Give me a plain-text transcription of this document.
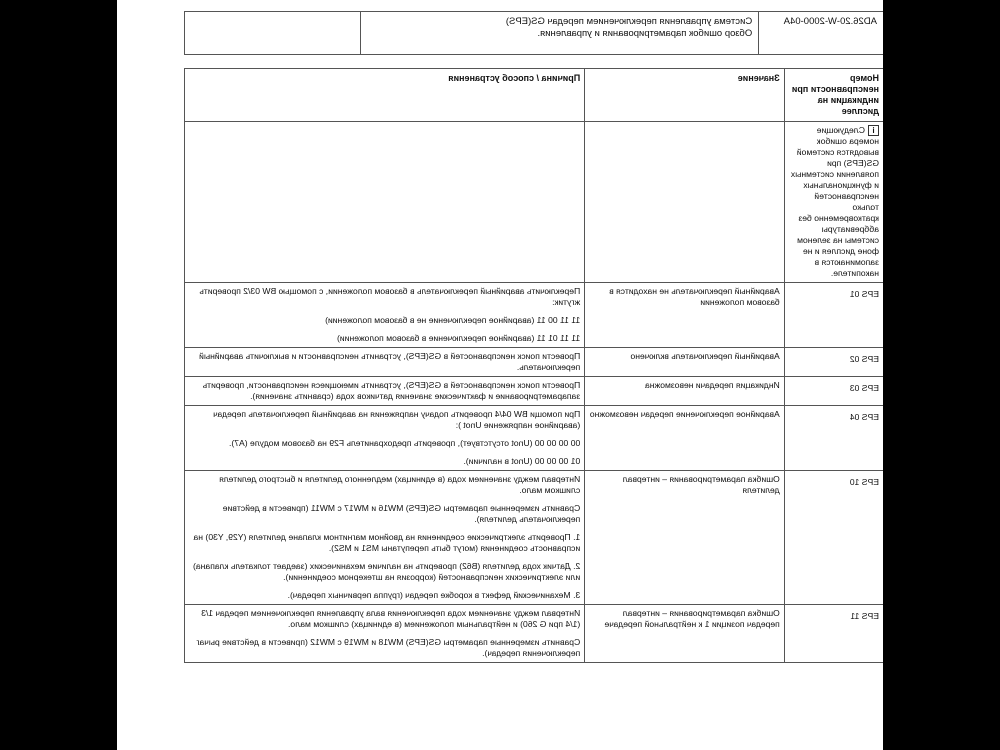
AD26.20-W-2000-04A	
Система управления переключением передач GS(EPS)
Обзор ошибок параметрирования и управления.

Номер неисправности при индикации на дисплее	Значение	Причина / способ устранения
iСледующие номера ошибок выводятся системой GS(EPS) при появлении системных и функциональных неисправностей только кратковременно без аббревиатуры системы на зеленом фоне дисплея и не запоминаются в накопителе.		
EPS 01	Аварийный переключатель не находится в базовом положении	Переключить аварийный переключатель в базовом положении, с помощью BW 03/2 проверить жгутик:

11 11 00 11 (аварийное переключение не в базовом положении)

11 11 01 11 (аварийное переключение в базовом положении)

EPS 02	Аварийный переключатель включено	Провести поиск неисправностей в GS(EPS), устранить неисправности и выключить аварийный переключатель.

EPS 03	Индикация передачи невозможна	Провести поиск неисправностей в GS(EPS), устранить имеющиеся неисправности, проверить запараметрирование и фактические значения датчиков хода (сравнить значения).

EPS 04	Аварийное переключение передач невозможно	При помощи BW 04/4 проверить подачу напряжения на аварийный переключатель передач (аварийное напряжение Unot ):

00 00 00 00 (Unot отсутствует), проверить предохранитель F29 на базовом модуле (A7).

01 00 00 00 (Unot в наличии).

EPS 10	Ошибка параметрирования – интервал делителя	Интервал между значением хода (в единицах) медленного делителя и быстрого делителя слишком мало.

Сравнить измеренные параметры GS(EPS) MW16 и MW17 с MW11 (привести в действие переключатель делителя).

1. Проверить электрические соединения на двойном магнитном клапане делителя (Y29, Y30) на исправность соединения (могут быть перепутаны MS1 и MS2).

2. Датчик хода делителя (B62) проверить на наличие механических (заедает толкатель клапана) или электрических неисправностей (коррозия на штекерном соединении).

3. Механический дефект в коробке передач (группа первичных передач).

EPS 11	Ошибка параметрирования – интервал передач позиции 1 к нейтральной передаче	Интервал между значением хода переключения вала управления переключением передач 1/3 (1/4 при G 260) и нейтральным положением (в единицах) слишком мало.

Сравнить измеренные параметры GS(EPS) MW18 и MW19 с MW12 (привести в действие рычаг переключения передач).
